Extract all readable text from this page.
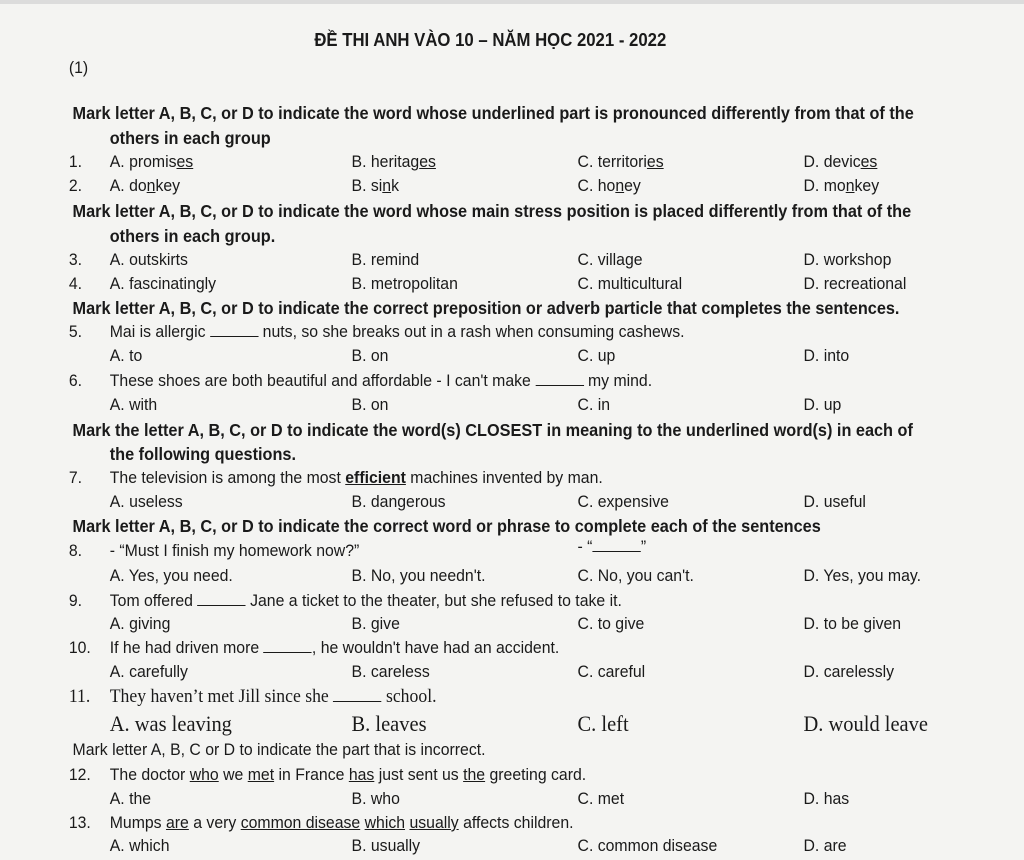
ĐỀ THI ANH VÀO 10 – NĂM HỌC 2021 - 2022
(1)
Mark letter A, B, C, or D to indicate the word whose underlined part is pronounced differently from that of the
others in each group
1. A. promises	B. heritages	C. territories	D. devices
2. A. donkey	B. sink	C. honey	D. monkey
Mark letter A, B, C, or D to indicate the word whose main stress position is placed differently from that of the
others in each group.
3. A. outskirts	B. remind	C. village	D. workshop
4. A. fascinatingly	B. metropolitan	C. multicultural	D. recreational
Mark letter A, B, C, or D to indicate the correct preposition or adverb particle that completes the sentences.
5. Mai is allergic	nuts, so she breaks out in a rash when consuming cashews.
A. to	B. on	C. up	D. into
6. These shoes are both beautiful and affordable - I can't make	my mind.
A. with	B. on	C. in	D. up
Mark the letter A, B, C, or D to indicate the word(s) CLOSEST in meaning to the underlined word(s) in each of
the following questions.
7. The television is among the most efficient machines invented by man.
A. useless	B. dangerous	C. expensive	D. useful
Mark letter A, B, C, or D to indicate the correct word or phrase to complete each of the sentences
8. - “Must I finish my homework now?”	- “	”
A. Yes, you need.	B. No, you needn't.	C. No, you can't.	D. Yes, you may.
9. Tom offered	Jane a ticket to the theater, but she refused to take it.
A. giving	B. give	C. to give	D. to be given
10. If he had driven more	, he wouldn't have had an accident.
A. carefully	B. careless	C. careful	D. carelessly
11. They haven’t met Jill since she	school.
A. was leaving	B. leaves	C. left	D. would leave
Mark letter A, B, C or D to indicate the part that is incorrect.
12. The doctor who we met in France has just sent us the greeting card.
A. the	B. who	C. met	D. has
13. Mumps are a very common disease which usually affects children.
A. which	B. usually	C. common disease	D. are
